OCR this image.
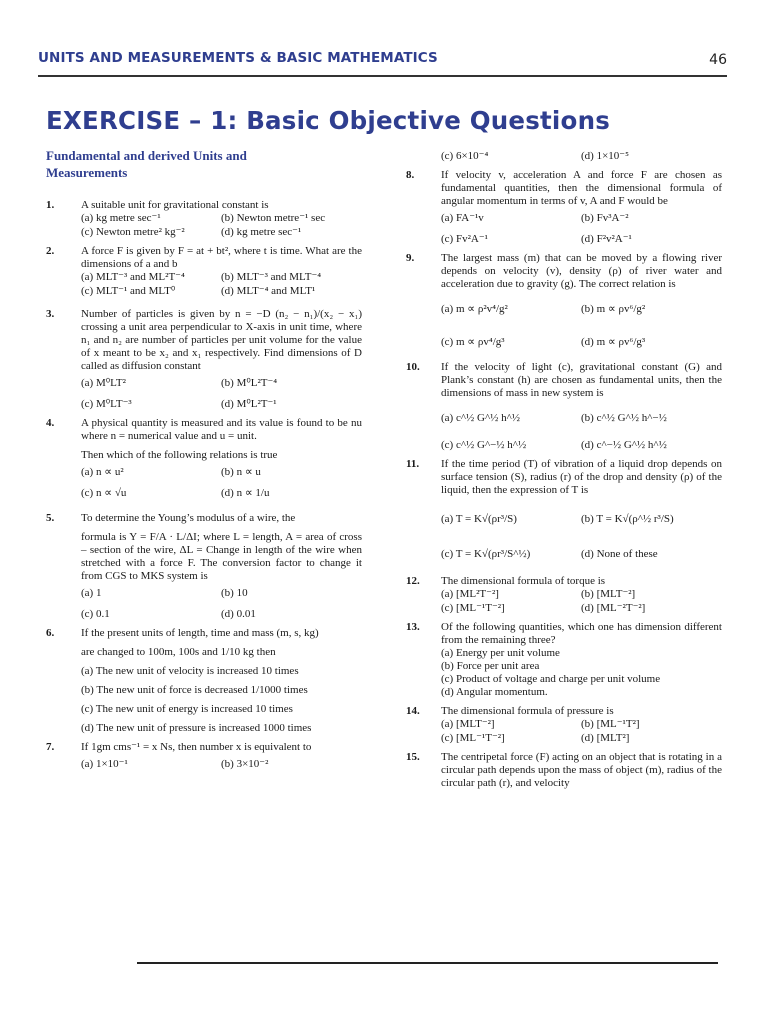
UNITS AND MEASUREMENTS & BASIC MATHEMATICS	46
EXERCISE – 1: Basic Objective Questions
Fundamental and derived Units and Measurements
1. A suitable unit for gravitational constant is
(a) kg metre sec⁻¹	(b) Newton metre⁻¹ sec
(c) Newton metre² kg⁻²	(d) kg metre sec⁻¹
2. A force F is given by F = at + bt², where t is time. What are the dimensions of a and b
(a) MLT⁻³ and ML²T⁻⁴	(b) MLT⁻³ and MLT⁻⁴
(c) MLT⁻¹ and MLT⁰	(d) MLT⁻⁴ and MLT¹
3. Number of particles is given by n = −D (n₂ − n₁)/(x₂ − x₁) crossing a unit area perpendicular to X-axis in unit time, where n₁ and n₂ are number of particles per unit volume for the value of x meant to be x₂ and x₁ respectively. Find dimensions of D called as diffusion constant
(a) M⁰LT²	(b) M⁰L²T⁻⁴
(c) M⁰LT⁻³	(d) M⁰L²T⁻¹
4. A physical quantity is measured and its value is found to be nu where n = numerical value and u = unit.
Then which of the following relations is true
(a) n ∝ u²	(b) n ∝ u
(c) n ∝ √u	(d) n ∝ 1/u
5. To determine the Young’s modulus of a wire, the
formula is Y = F/A · L/ΔI; where L = length, A = area of cross – section of the wire, ΔL = Change in length of the wire when stretched with a force F. The conversion factor to change it from CGS to MKS system is
(a) 1	(b) 10
(c) 0.1	(d) 0.01
6. If the present units of length, time and mass (m, s, kg)
are changed to 100m, 100s and 1/10 kg then
(a) The new unit of velocity is increased 10 times
(b) The new unit of force is decreased 1/1000 times
(c) The new unit of energy is increased 10 times
(d) The new unit of pressure is increased 1000 times
7. If 1gm cms⁻¹ = x Ns, then number x is equivalent to
(a) 1×10⁻¹	(b) 3×10⁻²
(c) 6×10⁻⁴	(d) 1×10⁻⁵
8. If velocity v, acceleration A and force F are chosen as fundamental quantities, then the dimensional formula of angular momentum in terms of v, A and F would be
(a) FA⁻¹v	(b) Fv³A⁻²
(c) Fv²A⁻¹	(d) F²v²A⁻¹
9. The largest mass (m) that can be moved by a flowing river depends on velocity (v), density (ρ) of river water and acceleration due to gravity (g). The correct relation is
(a) m ∝ ρ²v⁴/g²	(b) m ∝ ρv⁶/g²
(c) m ∝ ρv⁴/g³	(d) m ∝ ρv⁶/g³
10. If the velocity of light (c), gravitational constant (G) and Plank’s constant (h) are chosen as fundamental units, then the dimensions of mass in new system is
(a) c^½ G^½ h^½	(b) c^½ G^½ h^−½
(c) c^½ G^−½ h^½	(d) c^−½ G^½ h^½
11. If the time period (T) of vibration of a liquid drop depends on surface tension (S), radius (r) of the drop and density (ρ) of the liquid, then the expression of T is
(a) T = K√(ρr³/S)	(b) T = K√(ρ^½ r³/S)
(c) T = K√(ρr³/S^½)	(d) None of these
12. The dimensional formula of torque is
(a) [ML²T⁻²]	(b) [MLT⁻²]
(c) [ML⁻¹T⁻²]	(d) [ML⁻²T⁻²]
13. Of the following quantities, which one has dimension different from the remaining three?
(a) Energy per unit volume
(b) Force per unit area
(c) Product of voltage and charge per unit volume
(d) Angular momentum.
14. The dimensional formula of pressure is
(a) [MLT⁻²]	(b) [ML⁻¹T²]
(c) [ML⁻¹T⁻²]	(d) [MLT²]
15. The centripetal force (F) acting on an object that is rotating in a circular path depends upon the mass of object (m), radius of the circular path (r), and velocity
